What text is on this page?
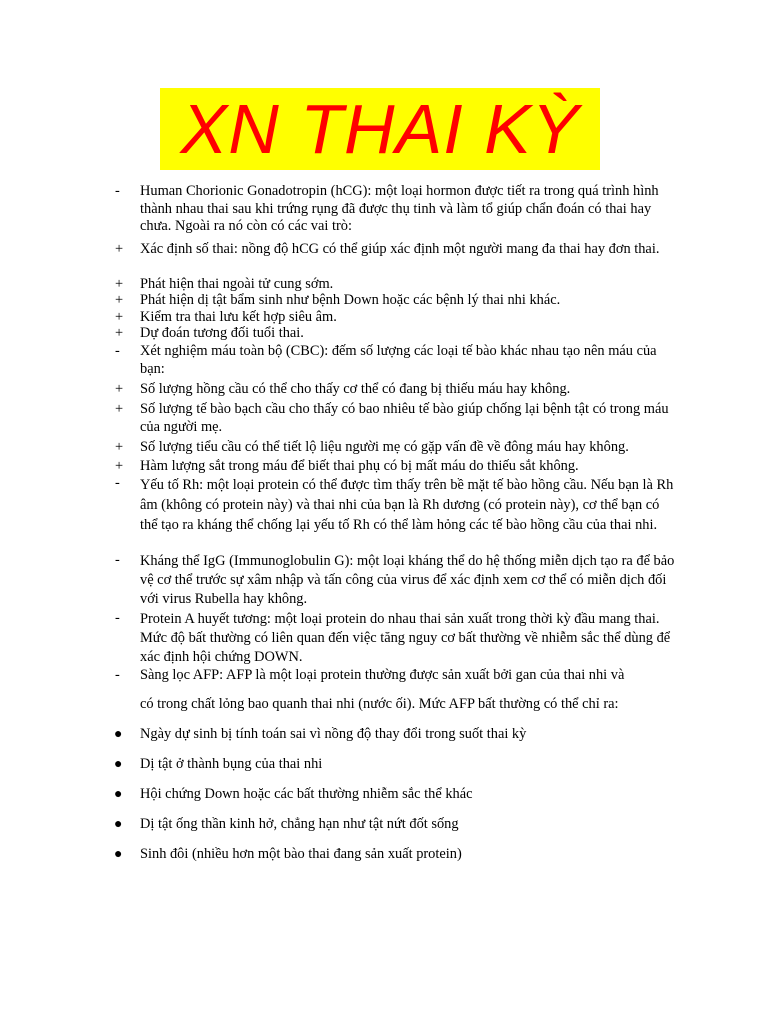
XN THAI KỲ
-	Human Chorionic Gonadotropin (hCG): một loại hormon được tiết ra trong quá trình hình thành nhau thai sau khi trứng rụng đã được thụ tinh và làm tổ giúp chẩn đoán có thai hay chưa. Ngoài ra nó còn có các vai trò:
+	Xác định số thai: nồng độ hCG có thể giúp xác định một người mang đa thai hay đơn thai.
+	Phát hiện thai ngoài tử cung sớm.
+	Phát hiện dị tật bẩm sinh như bệnh Down hoặc các bệnh lý thai nhi khác.
+	Kiểm tra thai lưu kết hợp siêu âm.
+	Dự đoán tương đối tuổi thai.
-	Xét nghiệm máu toàn bộ (CBC): đếm số lượng các loại tế bào khác nhau tạo nên máu của bạn:
+	Số lượng hồng cầu có thể cho thấy cơ thể có đang bị thiếu máu hay không.
+	Số lượng tế bào bạch cầu cho thấy có bao nhiêu tế bào giúp chống lại bệnh tật có trong máu của người mẹ.
+	Số lượng tiểu cầu có thể tiết lộ liệu người mẹ có gặp vấn đề về đông máu hay không.
+	Hàm lượng sắt trong máu để biết thai phụ có bị mất máu do thiếu sắt không.
-	Yếu tố Rh: một loại protein có thể được tìm thấy trên bề mặt tế bào hồng cầu. Nếu bạn là Rh âm (không có protein này) và thai nhi của bạn là Rh dương (có protein này), cơ thể bạn có thể tạo ra kháng thể chống lại yếu tố Rh có thể làm hỏng các tế bào hồng cầu của thai nhi.
-	Kháng thể IgG (Immunoglobulin G): một loại kháng thể do hệ thống miễn dịch tạo ra để bảo vệ cơ thể trước sự xâm nhập và tấn công của virus để xác định xem cơ thể có miễn dịch đối với virus Rubella hay không.
-	Protein A huyết tương: một loại protein do nhau thai sản xuất trong thời kỳ đầu mang thai. Mức độ bất thường có liên quan đến việc tăng nguy cơ bất thường về nhiễm sắc thể dùng để xác định hội chứng DOWN.
-	Sàng lọc AFP: AFP là một loại protein thường được sản xuất bởi gan của thai nhi và
có trong chất lỏng bao quanh thai nhi (nước ối). Mức AFP bất thường có thể chỉ ra:
●	Ngày dự sinh bị tính toán sai vì nồng độ thay đổi trong suốt thai kỳ
●	Dị tật ở thành bụng của thai nhi
●	Hội chứng Down hoặc các bất thường nhiễm sắc thể khác
●	Dị tật ống thần kinh hở, chẳng hạn như tật nứt đốt sống
●	Sinh đôi (nhiều hơn một bào thai đang sản xuất protein)
